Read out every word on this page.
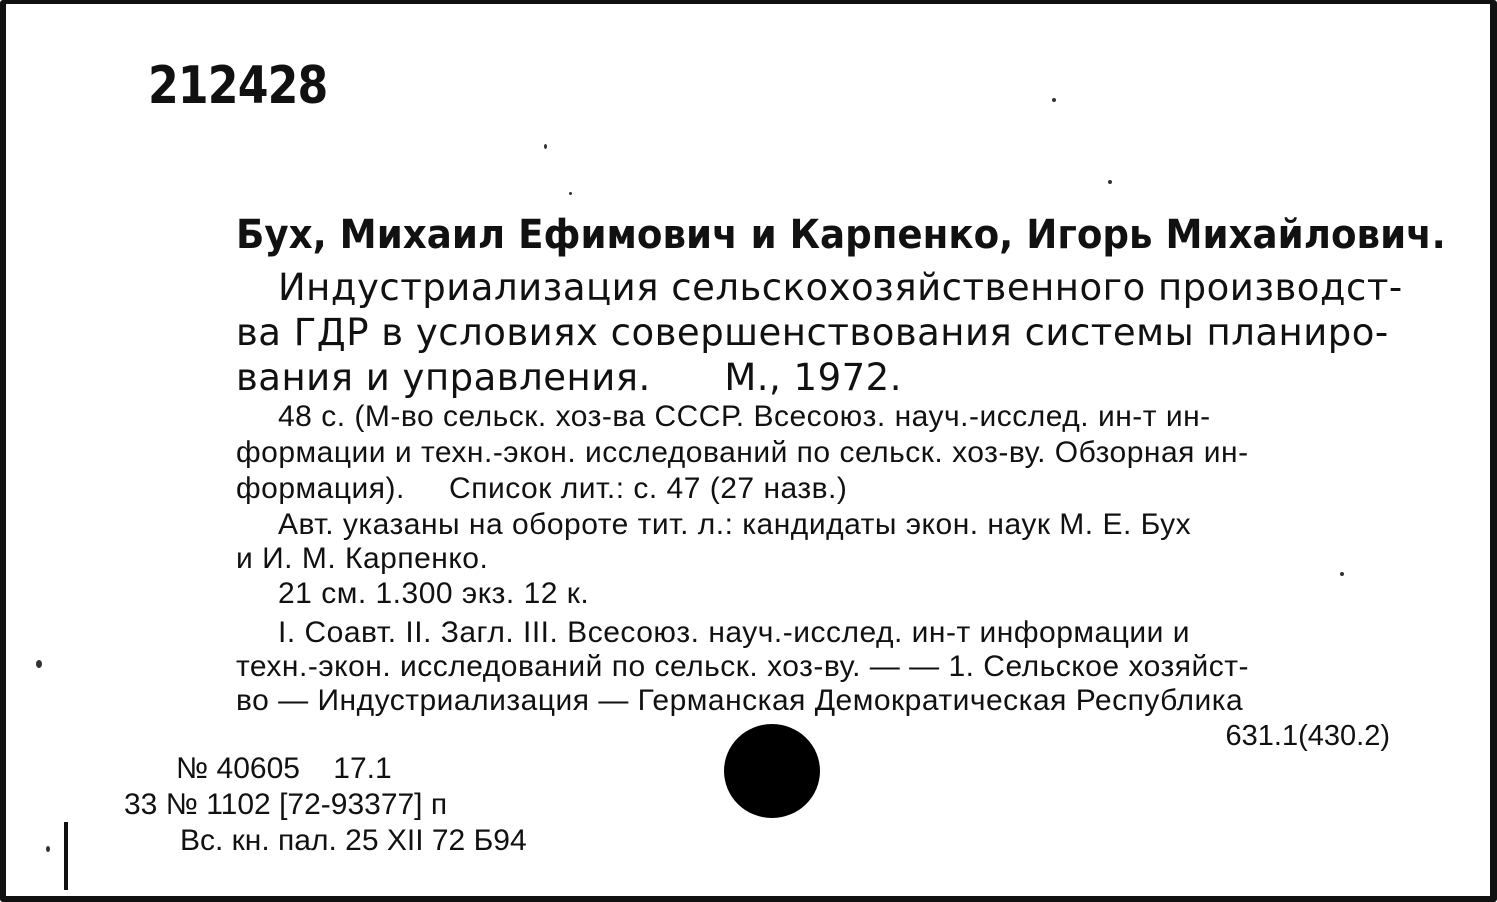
212428
Бух, Михаил Ефимович и Карпенко, Игорь Михайлович.
Индустриализация сельскохозяйственного производст-
ва ГДР в условиях совершенствования системы планиро-
вания и управления.      М., 1972.
48 с. (М-во сельск. хоз-ва СССР. Всесоюз. науч.-исслед. ин-т ин-
формации и техн.-экон. исследований по сельск. хоз-ву. Обзорная ин-
формация).     Список лит.: с. 47 (27 назв.)
Авт. указаны на обороте тит. л.: кандидаты экон. наук М. Е. Бух
и И. М. Карпенко.
21 см. 1.300 экз. 12 к.
I. Соавт. II. Загл. III. Всесоюз. науч.-исслед. ин-т информации и
техн.-экон. исследований по сельск. хоз-ву. — — 1. Сельское хозяйст-
во — Индустриализация — Германская Демократическая Республика
631.1(430.2)
№ 40605    17.1
33 № 1102 [72-93377] п
Вс. кн. пал. 25 XII 72 Б94
